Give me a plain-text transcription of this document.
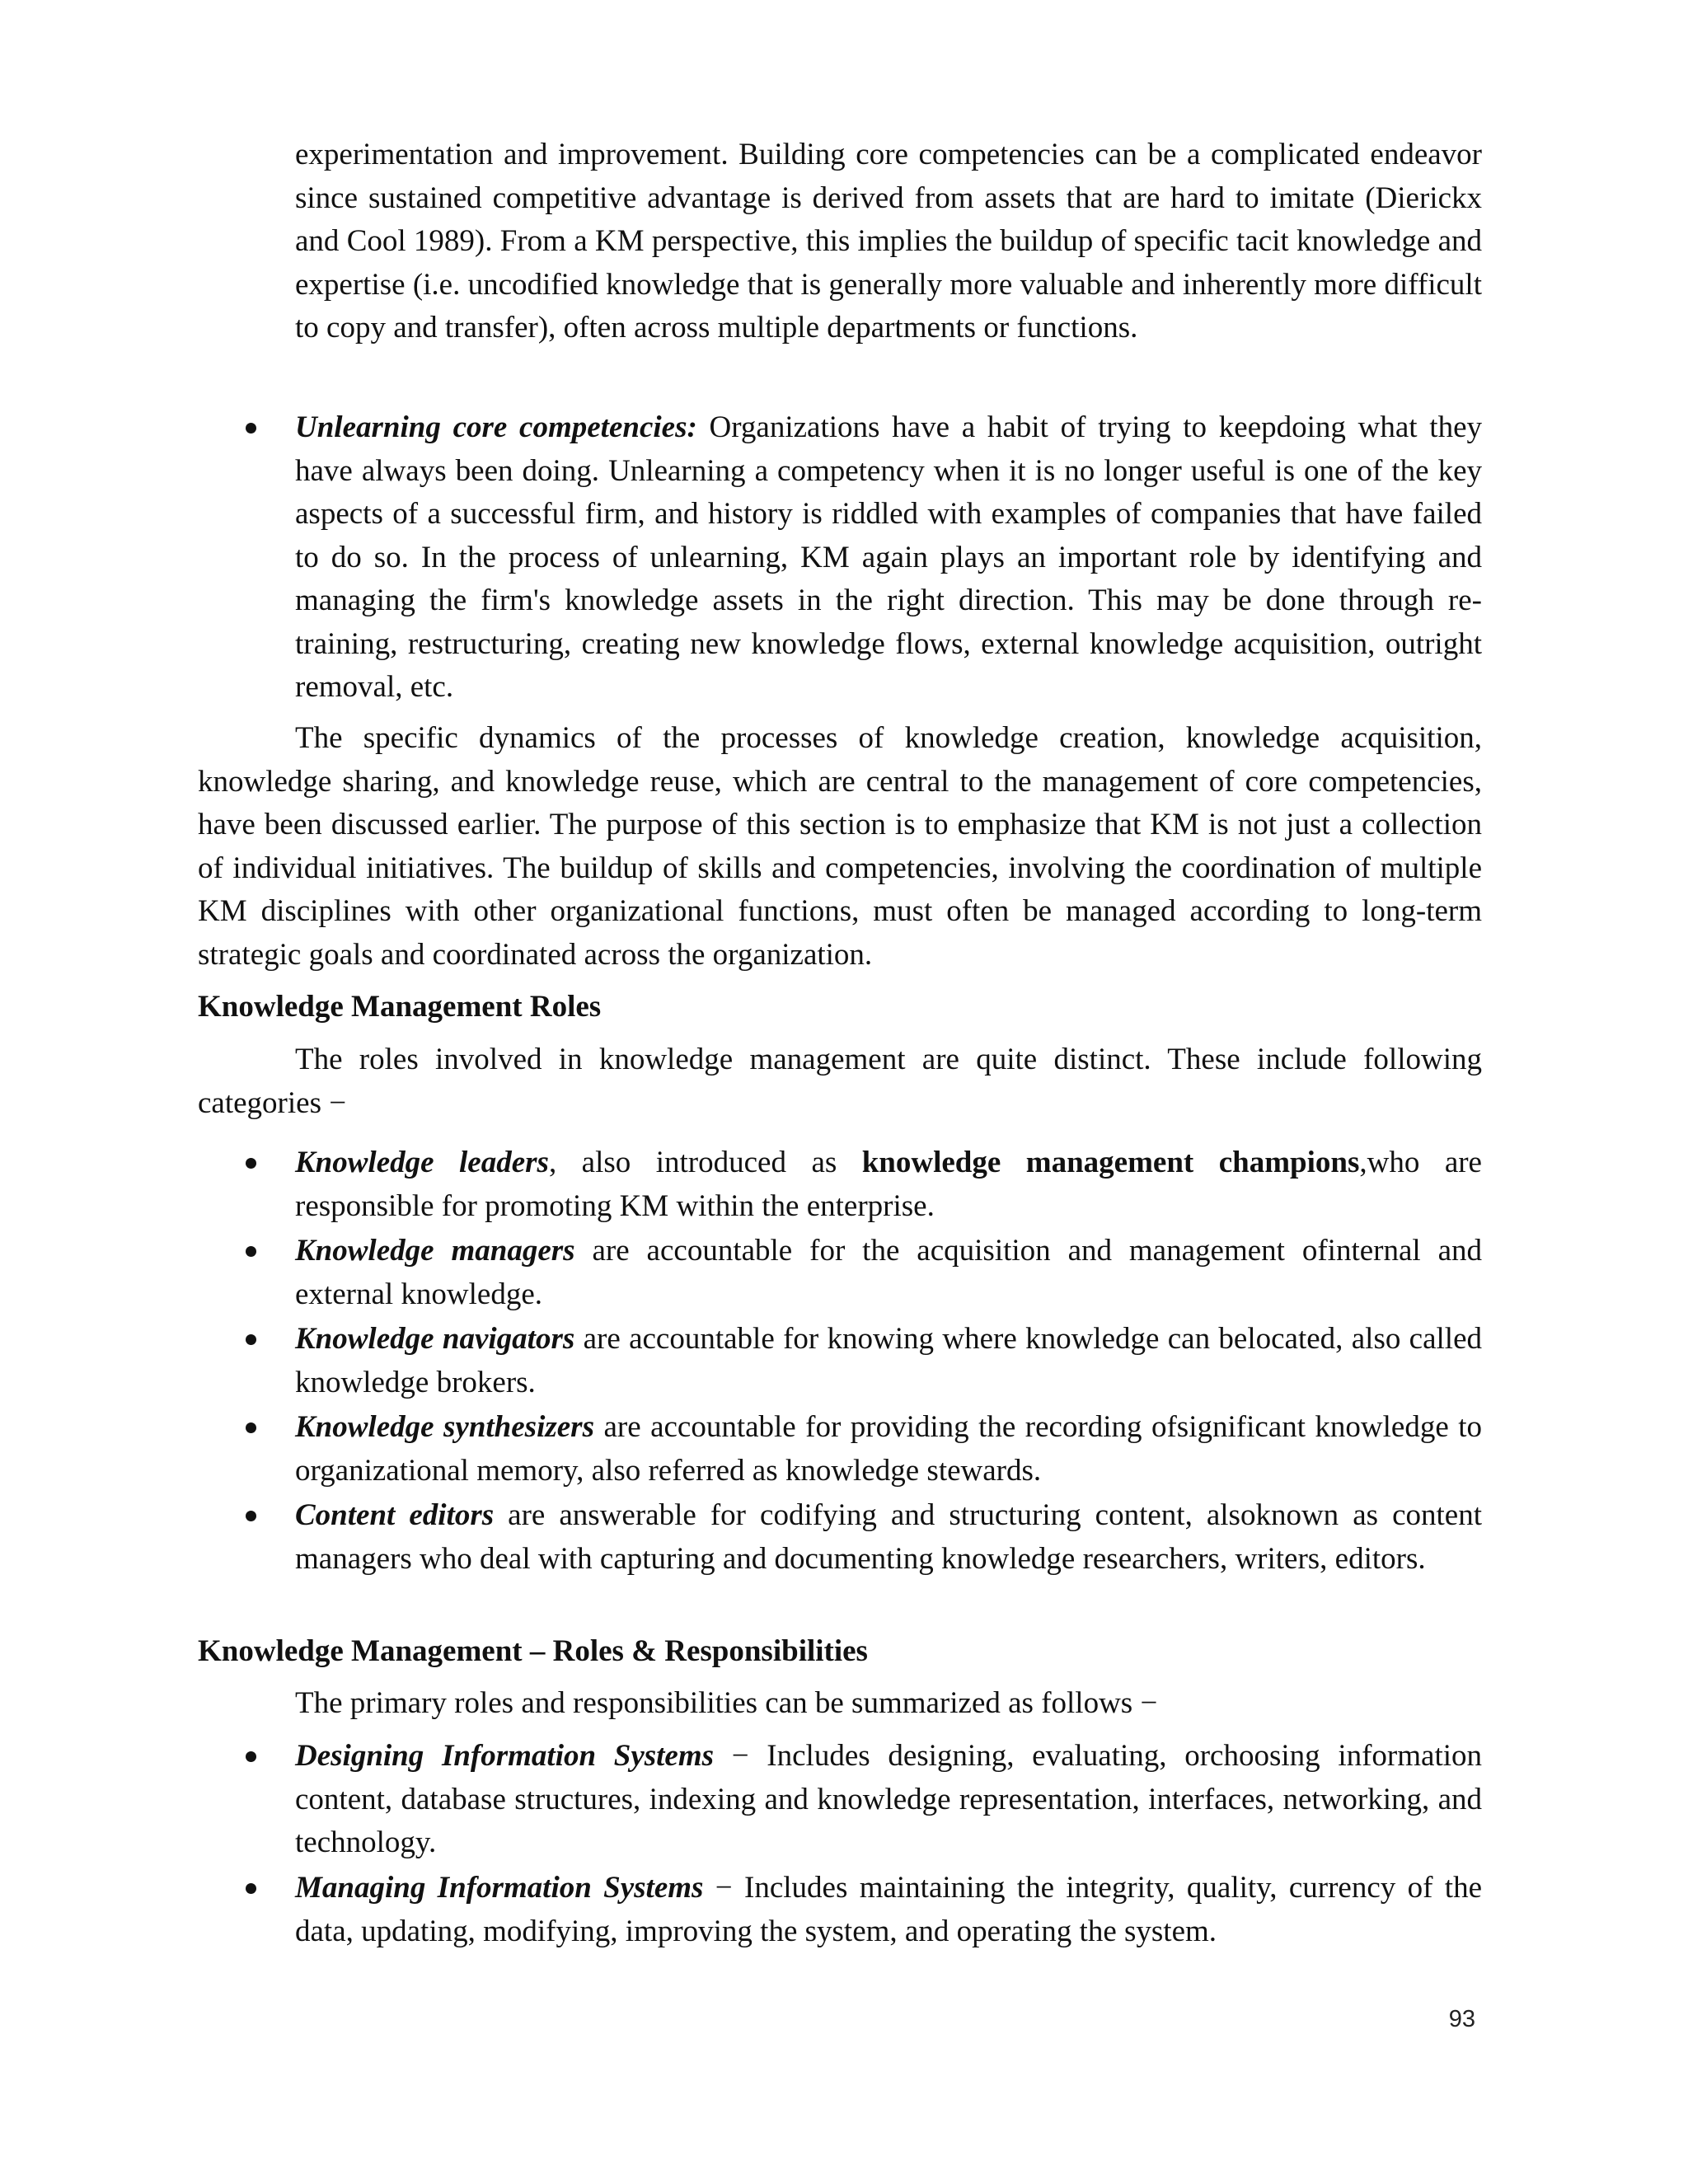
experimentation and improvement. Building core competencies can be a complicated endeavor since sustained competitive advantage is derived from assets that are hard to imitate (Dierickx and Cool 1989). From a KM perspective, this implies the buildup of specific tacit knowledge and expertise (i.e. uncodified knowledge that is generally more valuable and inherently more difficult to copy and transfer), often across multiple departments or functions.
Unlearning core competencies: Organizations have a habit of trying to keepdoing what they have always been doing. Unlearning a competency when it is no longer useful is one of the key aspects of a successful firm, and history is riddled with examples of companies that have failed to do so. In the process of unlearning, KM again plays an important role by identifying and managing the firm's knowledge assets in the right direction. This may be done through re-training, restructuring, creating new knowledge flows, external knowledge acquisition, outright removal, etc.
The specific dynamics of the processes of knowledge creation, knowledge acquisition, knowledge sharing, and knowledge reuse, which are central to the management of core competencies, have been discussed earlier. The purpose of this section is to emphasize that KM is not just a collection of individual initiatives. The buildup of skills and competencies, involving the coordination of multiple KM disciplines with other organizational functions, must often be managed according to long-term strategic goals and coordinated across the organization.
Knowledge Management Roles
The roles involved in knowledge management are quite distinct. These include following categories −
Knowledge leaders, also introduced as knowledge management champions,who are responsible for promoting KM within the enterprise.
Knowledge managers are accountable for the acquisition and management ofinternal and external knowledge.
Knowledge navigators are accountable for knowing where knowledge can belocated, also called knowledge brokers.
Knowledge synthesizers are accountable for providing the recording ofsignificant knowledge to organizational memory, also referred as knowledge stewards.
Content editors are answerable for codifying and structuring content, alsoknown as content managers who deal with capturing and documenting knowledge researchers, writers, editors.
Knowledge Management – Roles & Responsibilities
The primary roles and responsibilities can be summarized as follows −
Designing Information Systems − Includes designing, evaluating, orchoosing information content, database structures, indexing and knowledge representation, interfaces, networking, and technology.
Managing Information Systems − Includes maintaining the integrity, quality, currency of the data, updating, modifying, improving the system, and operating the system.
93
